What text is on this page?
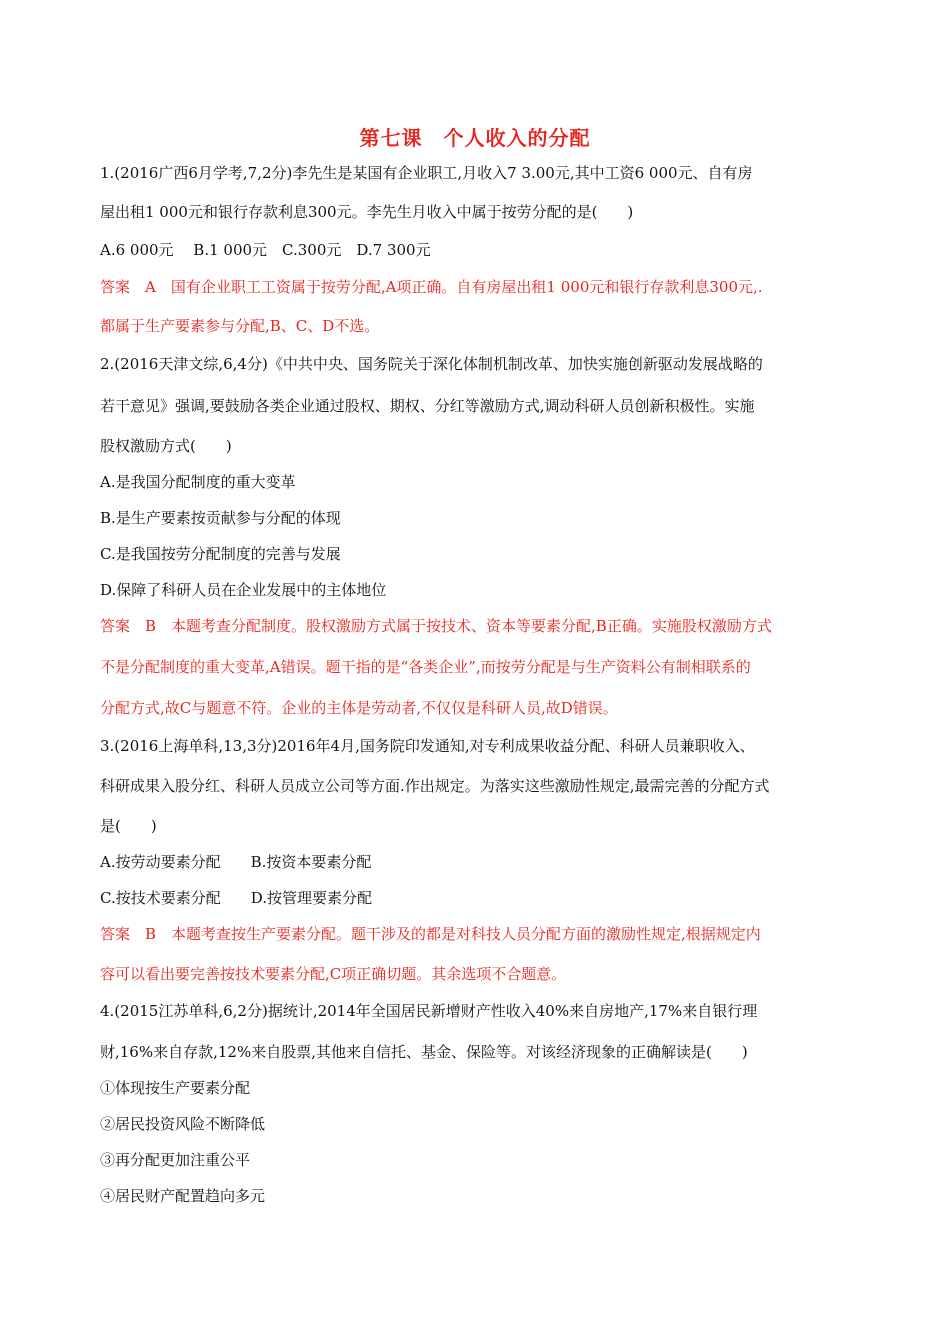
第七课　个人收入的分配
1.(2016广西6月学考,7,2分)李先生是某国有企业职工,月收入7 3.00元,其中工资6 000元、自有房
屋出租1 000元和银行存款利息300元。李先生月收入中属于按劳分配的是(　　)
A.6 000元　 B.1 000元　C.300元　D.7 300元
答案　A　国有企业职工工资属于按劳分配,A项正确。自有房屋出租1 000元和银行存款利息300元,.
都属于生产要素参与分配,B、C、D不选。
2.(2016天津文综,6,4分)《中共中央、国务院关于深化体制机制改革、加快实施创新驱动发展战略的
若干意见》强调,要鼓励各类企业通过股权、期权、分红等激励方式,调动科研人员创新积极性。实施
股权激励方式(　　)
A.是我国分配制度的重大变革
B.是生产要素按贡献参与分配的体现
C.是我国按劳分配制度的完善与发展
D.保障了科研人员在企业发展中的主体地位
答案　B　本题考查分配制度。股权激励方式属于按技术、资本等要素分配,B正确。实施股权激励方式
不是分配制度的重大变革,A错误。题干指的是“各类企业”,而按劳分配是与生产资料公有制相联系的
分配方式,故C与题意不符。企业的主体是劳动者,不仅仅是科研人员,故D错误。
3.(2016上海单科,13,3分)2016年4月,国务院印发通知,对专利成果收益分配、科研人员兼职收入、
科研成果入股分红、科研人员成立公司等方面.作出规定。为落实这些激励性规定,最需完善的分配方式
是(　　)
A.按劳动要素分配　　B.按资本要素分配
C.按技术要素分配　　D.按管理要素分配
答案　B　本题考查按生产要素分配。题干涉及的都是对科技人员分配方面的激励性规定,根据规定内
容可以看出要完善按技术要素分配,C项正确切题。其余选项不合题意。
4.(2015江苏单科,6,2分)据统计,2014年全国居民新增财产性收入40%来自房地产,17%来自银行理
财,16%来自存款,12%来自股票,其他来自信托、基金、保险等。对该经济现象的正确解读是(　　)
①体现按生产要素分配
②居民投资风险不断降低
③再分配更加注重公平
④居民财产配置趋向多元
